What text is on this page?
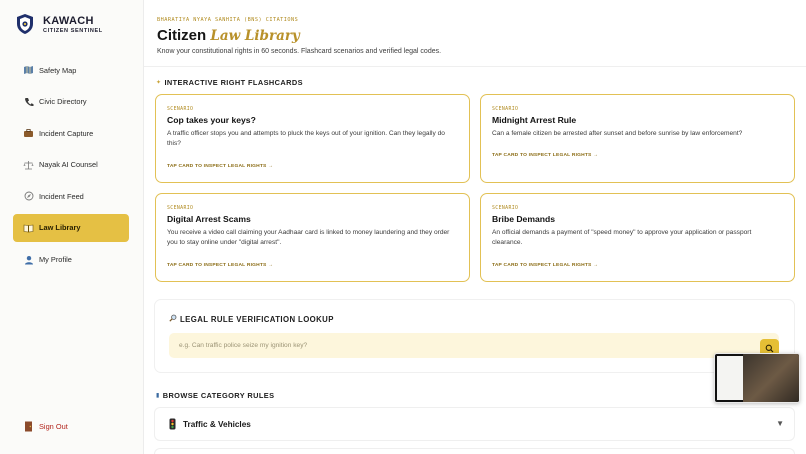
KAWACH
CITIZEN SENTINEL
Safety Map
Civic Directory
Incident Capture
Nayak AI Counsel
Incident Feed
Law Library
My Profile
Sign Out
BHARATIYA NYAYA SANHITA (BNS) CITATIONS
Citizen Law Library
Know your constitutional rights in 60 seconds. Flashcard scenarios and verified legal codes.
✦ INTERACTIVE RIGHT FLASHCARDS
SCENARIO
Cop takes your keys?
A traffic officer stops you and attempts to pluck the keys out of your ignition. Can they legally do this?
TAP CARD TO INSPECT LEGAL RIGHTS →
SCENARIO
Midnight Arrest Rule
Can a female citizen be arrested after sunset and before sunrise by law enforcement?
TAP CARD TO INSPECT LEGAL RIGHTS →
SCENARIO
Digital Arrest Scams
You receive a video call claiming your Aadhaar card is linked to money laundering and they order you to stay online under "digital arrest".
TAP CARD TO INSPECT LEGAL RIGHTS →
SCENARIO
Bribe Demands
An official demands a payment of "speed money" to approve your application or passport clearance.
TAP CARD TO INSPECT LEGAL RIGHTS →
LEGAL RULE VERIFICATION LOOKUP
e.g. Can traffic police seize my ignition key?
▮ BROWSE CATEGORY RULES
Traffic & Vehicles	▼
